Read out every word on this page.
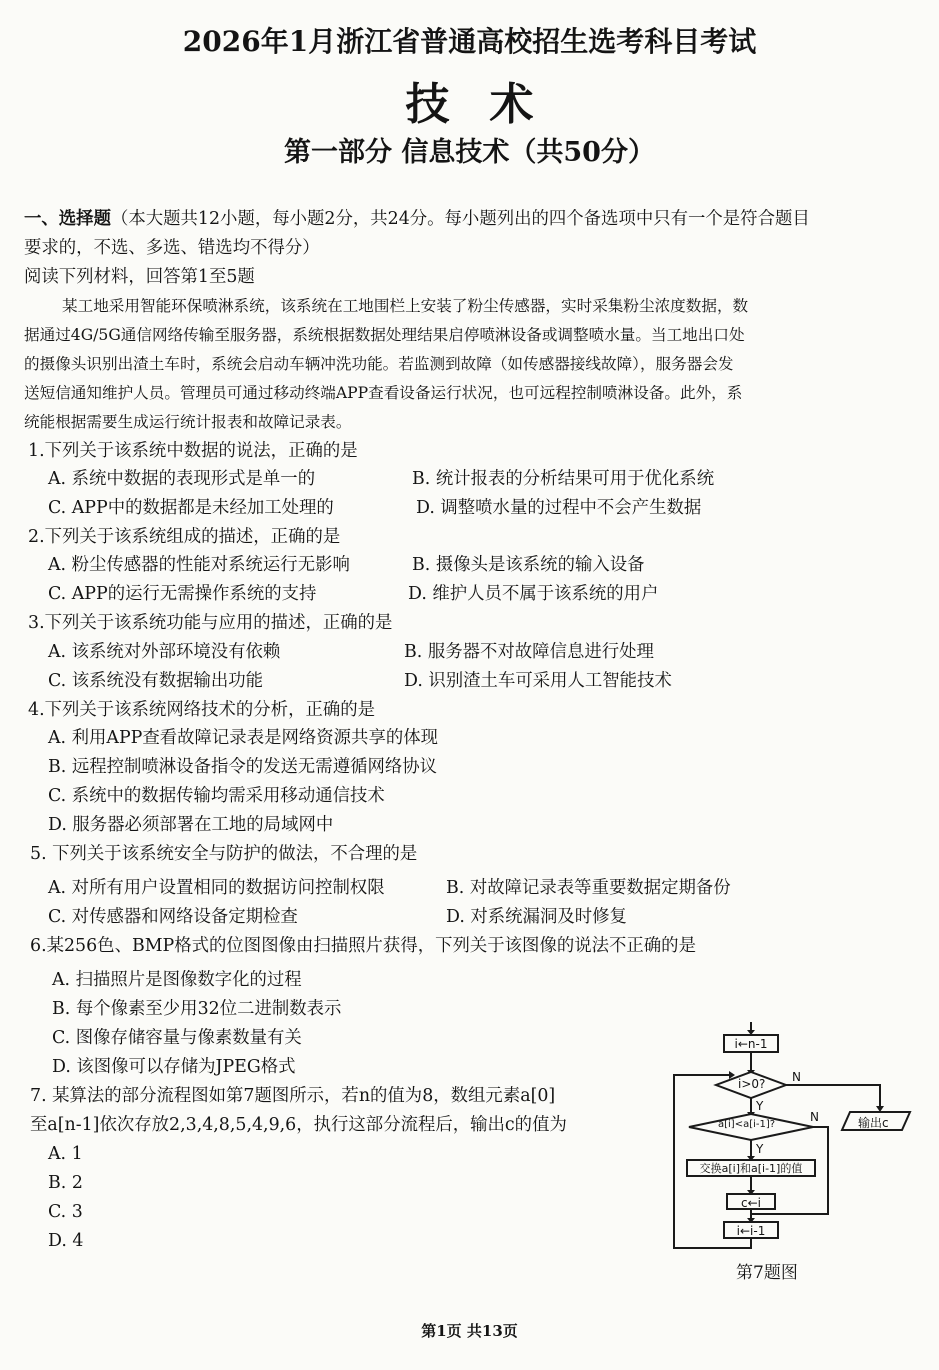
2026年1月浙江省普通高校招生选考科目考试
技术
第一部分 信息技术（共50分）
一、选择题（本大题共12小题，每小题2分，共24分。每小题列出的四个备选项中只有一个是符合题目
要求的，不选、多选、错选均不得分）
阅读下列材料，回答第1至5题
某工地采用智能环保喷淋系统，该系统在工地围栏上安装了粉尘传感器，实时采集粉尘浓度数据，数
据通过4G/5G通信网络传输至服务器，系统根据数据处理结果启停喷淋设备或调整喷水量。当工地出口处
的摄像头识别出渣土车时，系统会启动车辆冲洗功能。若监测到故障（如传感器接线故障），服务器会发
送短信通知维护人员。管理员可通过移动终端APP查看设备运行状况，也可远程控制喷淋设备。此外，系
统能根据需要生成运行统计报表和故障记录表。
1.下列关于该系统中数据的说法，正确的是
A. 系统中数据的表现形式是单一的	B. 统计报表的分析结果可用于优化系统
C. APP中的数据都是未经加工处理的	D. 调整喷水量的过程中不会产生数据
2.下列关于该系统组成的描述，正确的是
A. 粉尘传感器的性能对系统运行无影响	B. 摄像头是该系统的输入设备
C. APP的运行无需操作系统的支持	D. 维护人员不属于该系统的用户
3.下列关于该系统功能与应用的描述，正确的是
A. 该系统对外部环境没有依赖	B. 服务器不对故障信息进行处理
C. 该系统没有数据输出功能	D. 识别渣土车可采用人工智能技术
4.下列关于该系统网络技术的分析，正确的是
A. 利用APP查看故障记录表是网络资源共享的体现
B. 远程控制喷淋设备指令的发送无需遵循网络协议
C. 系统中的数据传输均需采用移动通信技术
D. 服务器必须部署在工地的局域网中
5. 下列关于该系统安全与防护的做法，不合理的是
A. 对所有用户设置相同的数据访问控制权限	B. 对故障记录表等重要数据定期备份
C. 对传感器和网络设备定期检查	D. 对系统漏洞及时修复
6.某256色、BMP格式的位图图像由扫描照片获得，下列关于该图像的说法不正确的是
A. 扫描照片是图像数字化的过程
B. 每个像素至少用32位二进制数表示
C. 图像存储容量与像素数量有关
D. 该图像可以存储为JPEG格式
7. 某算法的部分流程图如第7题图所示，若n的值为8，数组元素a[0]
至a[n-1]依次存放2,3,4,8,5,4,9,6，执行这部分流程后，输出c的值为
A. 1
B. 2
C. 3
D. 4
i←n-1
i>0? N
Y
a[i]<a[i-1]?
N
Y
交换a[i]和a[i-1]的值
c←i
i←i-1
输出c
第7题图
第1页 共13页
